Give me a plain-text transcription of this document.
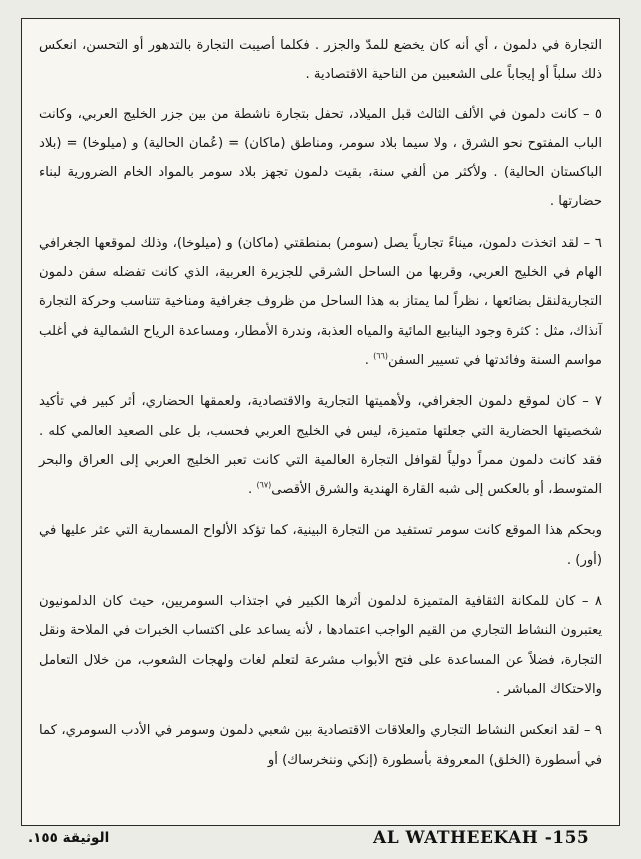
التجارة في دلمون ، أي أنه كان يخضع للمدّ والجزر . فكلما أصيبت التجارة بالتدهور أو التحسن، انعكس ذلك سلباً أو إيجاباً على الشعبين من الناحية الاقتصادية .

٥ – كانت دلمون في الألف الثالث قبل الميلاد، تحفل بتجارة ناشطة من بين جزر الخليج العربي، وكانت الباب المفتوح نحو الشرق ، ولا سيما بلاد سومر، ومناطق (ماكان) = (عُمان الحالية) و (ميلوخا) = (بلاد الباكستان الحالية) . ولأكثر من ألفي سنة، بقيت دلمون تجهز بلاد سومر بالمواد الخام الضرورية لبناء حضارتها .

٦ – لقد اتخذت دلمون، ميناءً تجارياً يصل (سومر) بمنطقتي (ماكان) و (ميلوخا)، وذلك لموقعها الجغرافي الهام في الخليج العربي، وقربها من الساحل الشرقي للجزيرة العربية، الذي كانت تفضله سفن دلمون التجاريةلنقل بضائعها ، نظراً لما يمتاز به هذا الساحل من ظروف جغرافية ومناخية تتناسب وحركة التجارة آنذاك، مثل : كثرة وجود الينابيع المائية والمياه العذبة، وندرة الأمطار، ومساعدة الرياح الشمالية في أغلب مواسم السنة وفائدتها في تسيير السفن$^{(٦٦)}$ .

٧ – كان لموقع دلمون الجغرافي، ولأهميتها التجارية والاقتصادية، ولعمقها الحضاري، أثر كبير في تأكيد شخصيتها الحضارية التي جعلتها متميزة، ليس في الخليج العربي فحسب، بل على الصعيد العالمي كله . فقد كانت دلمون ممراً دولياً لقوافل التجارة العالمية التي كانت تعبر الخليج العربي إلى العراق والبحر المتوسط، أو بالعكس إلى شبه القارة الهندية والشرق الأقصى$^{(٦٧)}$ .

وبحكم هذا الموقع كانت سومر تستفيد من التجارة البينية، كما تؤكد الألواح المسمارية التي عثر عليها في (أور) .

٨ – كان للمكانة الثقافية المتميزة لدلمون أثرها الكبير في اجتذاب السومريين، حيث كان الدلمونيون يعتبرون النشاط التجاري من القيم الواجب اعتمادها ، لأنه يساعد على اكتساب الخبرات في الملاحة ونقل التجارة، فضلاً عن المساعدة على فتح الأبواب مشرعة لتعلم لغات ولهجات الشعوب، من خلال التعامل والاحتكاك المباشر .

٩ – لقد انعكس النشاط التجاري والعلاقات الاقتصادية بين شعبي دلمون وسومر في الأدب السومري، كما في أسطورة (الخلق) المعروفة بأسطورة (إنكي وننخرساك) أو

AL WATHEEKAH -155
الوثيقة ١٥٥.
